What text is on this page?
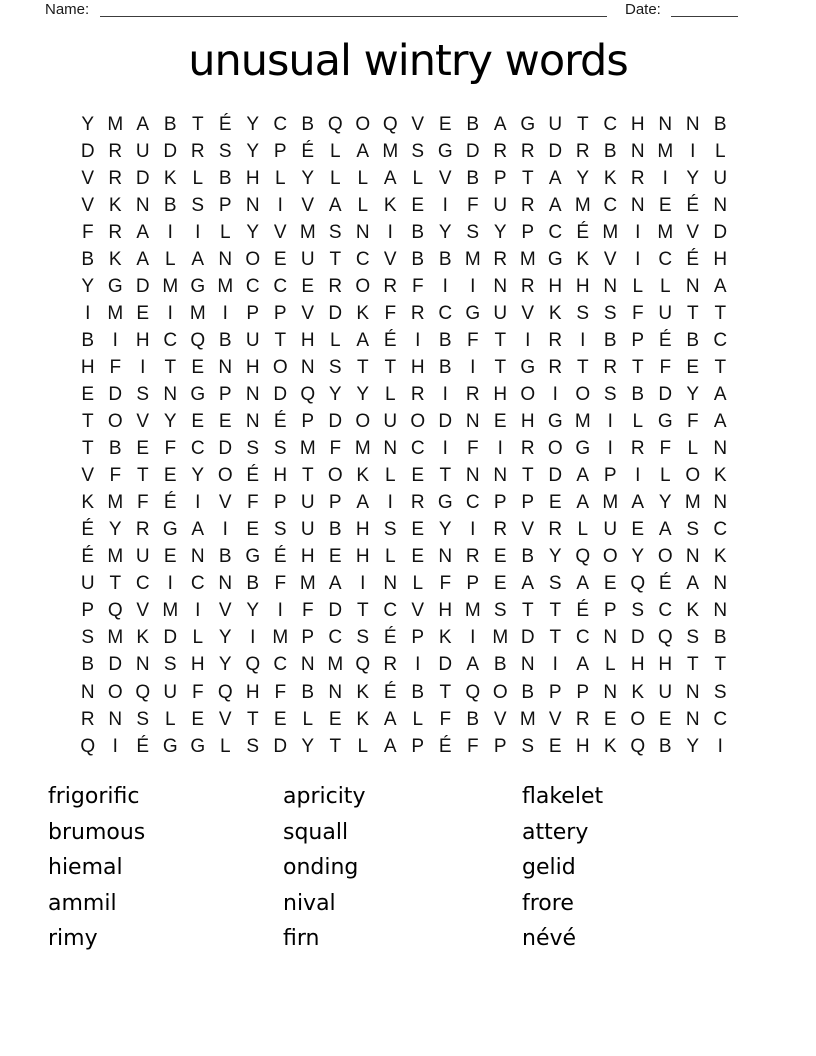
Name:	Date:
unusual wintry words
Y M A B T É Y C B Q O Q V E B A G U T C H N N B
D R U D R S Y P É L A M S G D R R D R B N M I	L
V R D K L B H L Y L L A L V B P T A Y K R I Y U
V K N B S P N I V A L K E I	F U R A M C N E É N
F R A I	I	L Y V M S N I B Y S Y P C É M I M V D
B K A L A N O E U T C V B B M R M G K V I C É H
Y G D M G M C C E R O R F	I	I N R H H N L L N A
I M E I M I P P V D K F R C G U V K S S F U T T
B I H C Q B U T H L A É I B F T	I R I B P É B C
H F	I	T E N H O N S T T H B I	T G R T R T F E T
E D S N G P N D Q Y Y L R I R H O I O S B D Y A
T O V Y E E N É P D O U O D N E H G M I	L G F A
T B E F C D S S M F M N C I	F	I R O G I R F L N
V F T E Y O É H T O K L E T N N T D A P I	L O K
K M F É I V F P U P A I R G C P P E A M A Y M N
É Y R G A I E S U B H S E Y I R V R L U E A S C
É M U E N B G É H E H L E N R E B Y Q O Y O N K
U T C I C N B F M A I N L F P E A S A E Q É A N
P Q V M I V Y I	F D T C V H M S T T É P S C K N
S M K D L Y I M P C S É P K I M D T C N D Q S B
B D N S H Y Q C N M Q R I D A B N I A L H H T T
N O Q U F Q H F B N K É B T Q O B P P N K U N S
R N S L E V T E L E K A L F B V M V R E O E N C
Q I É G G L S D Y T L A P É F P S E H K Q B Y I
frigorific
brumous
hiemal
ammil
rimy
apricity
squall
onding
nival
firn
flakelet
attery
gelid
frore
névé
